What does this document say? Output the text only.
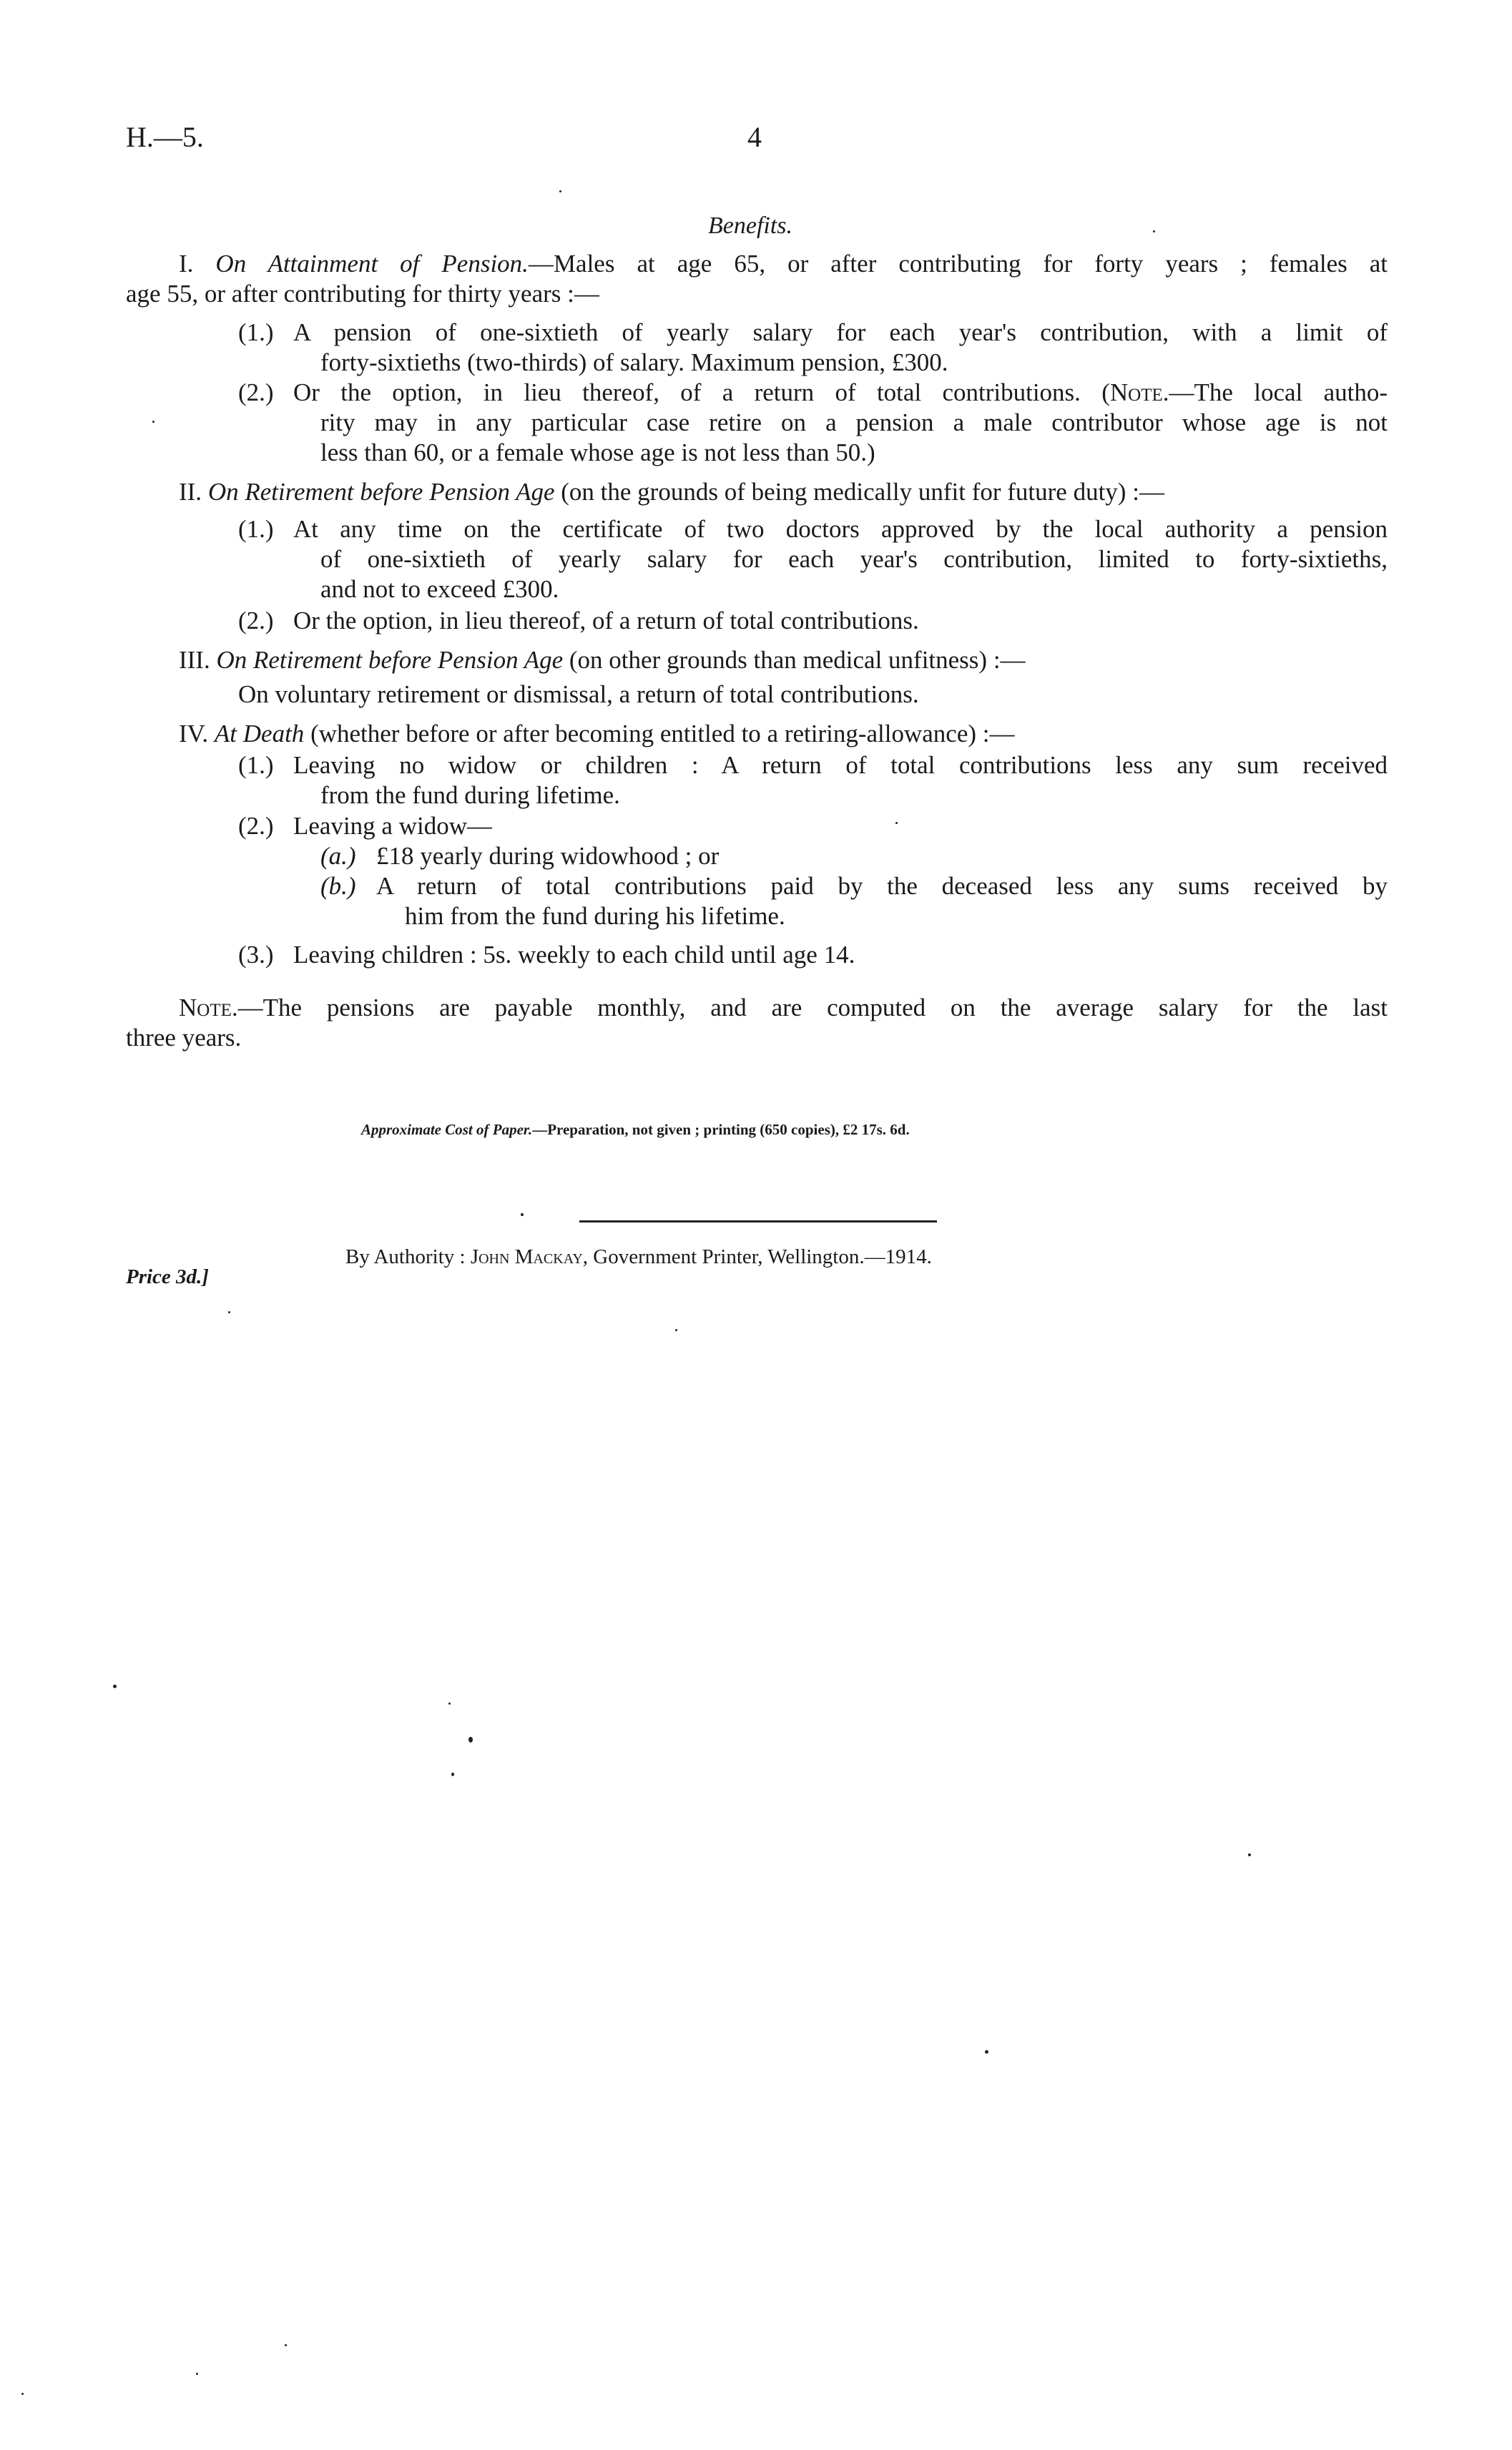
H.—5.	4
Benefits.
I. On Attainment of Pension.—Males at age 65, or after contributing for forty years ; females at
age 55, or after contributing for thirty years :—
(1.) A pension of one-sixtieth of yearly salary for each year's contribution, with a limit of
forty-sixtieths (two-thirds) of salary. Maximum pension, £300.
(2.) Or the option, in lieu thereof, of a return of total contributions. (Note.—The local autho-
rity may in any particular case retire on a pension a male contributor whose age is not
less than 60, or a female whose age is not less than 50.)
II. On Retirement before Pension Age (on the grounds of being medically unfit for future duty) :—
(1.) At any time on the certificate of two doctors approved by the local authority a pension
of one-sixtieth of yearly salary for each year's contribution, limited to forty-sixtieths,
and not to exceed £300.
(2.) Or the option, in lieu thereof, of a return of total contributions.
III. On Retirement before Pension Age (on other grounds than medical unfitness) :—
On voluntary retirement or dismissal, a return of total contributions.
IV. At Death (whether before or after becoming entitled to a retiring-allowance) :—
(1.) Leaving no widow or children : A return of total contributions less any sum received
from the fund during lifetime.
(2.) Leaving a widow—
(a.) £18 yearly during widowhood ; or
(b.) A return of total contributions paid by the deceased less any sums received by
him from the fund during his lifetime.
(3.) Leaving children : 5s. weekly to each child until age 14.
Note.—The pensions are payable monthly, and are computed on the average salary for the last
three years.
Approximate Cost of Paper.—Preparation, not given ; printing (650 copies), £2 17s. 6d.
By Authority : John Mackay, Government Printer, Wellington.—1914.
Price 3d.]
